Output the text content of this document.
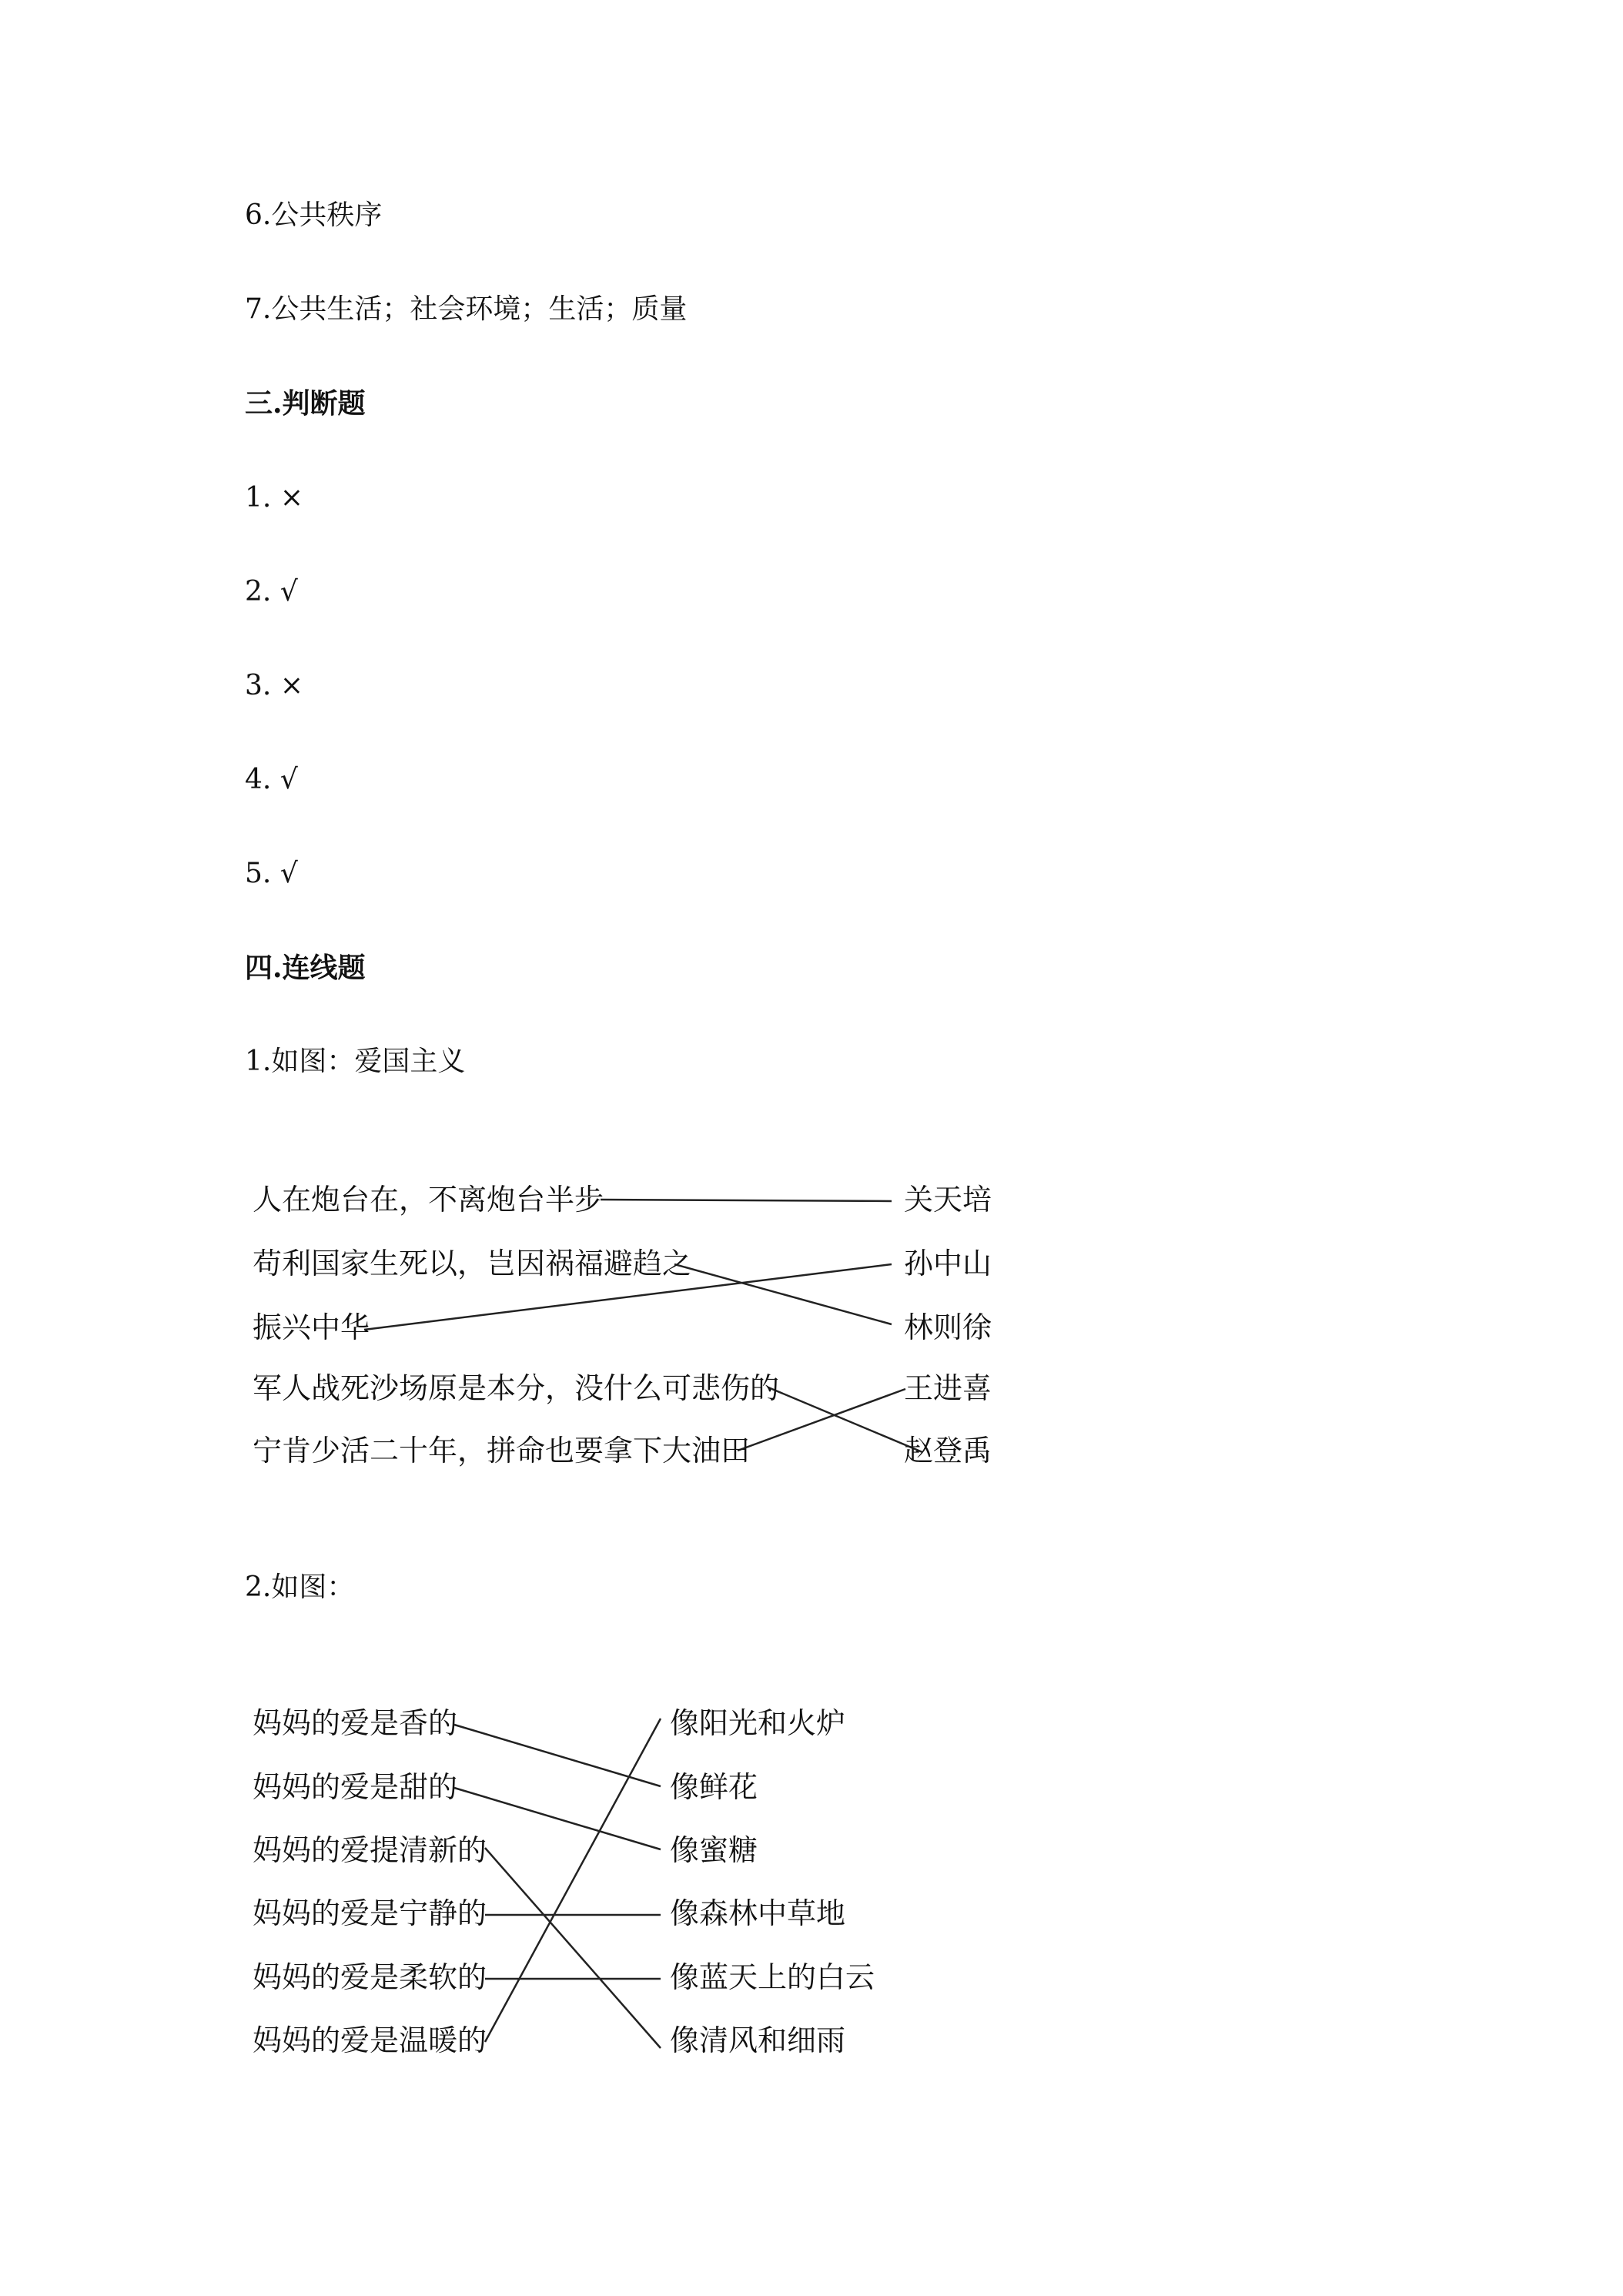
6.公共秩序
7.公共生活；社会环境；生活；质量
三.判断题
1. ×
2. √
3. ×
4. √
5. √
四.连线题
1.如图：爱国主义
人在炮台在，不离炮台半步
苟利国家生死以，岂因祸福避趋之
振兴中华
军人战死沙场原是本分，没什么可悲伤的
宁肯少活二十年，拼命也要拿下大油田
关天培
孙中山
林则徐
王进喜
赵登禹
2.如图：
妈妈的爱是香的
妈妈的爱是甜的
妈妈的爱提清新的
妈妈的爱是宁静的
妈妈的爱是柔软的
妈妈的爱是温暖的
像阳光和火炉
像鲜花
像蜜糖
像森林中草地
像蓝天上的白云
像清风和细雨
